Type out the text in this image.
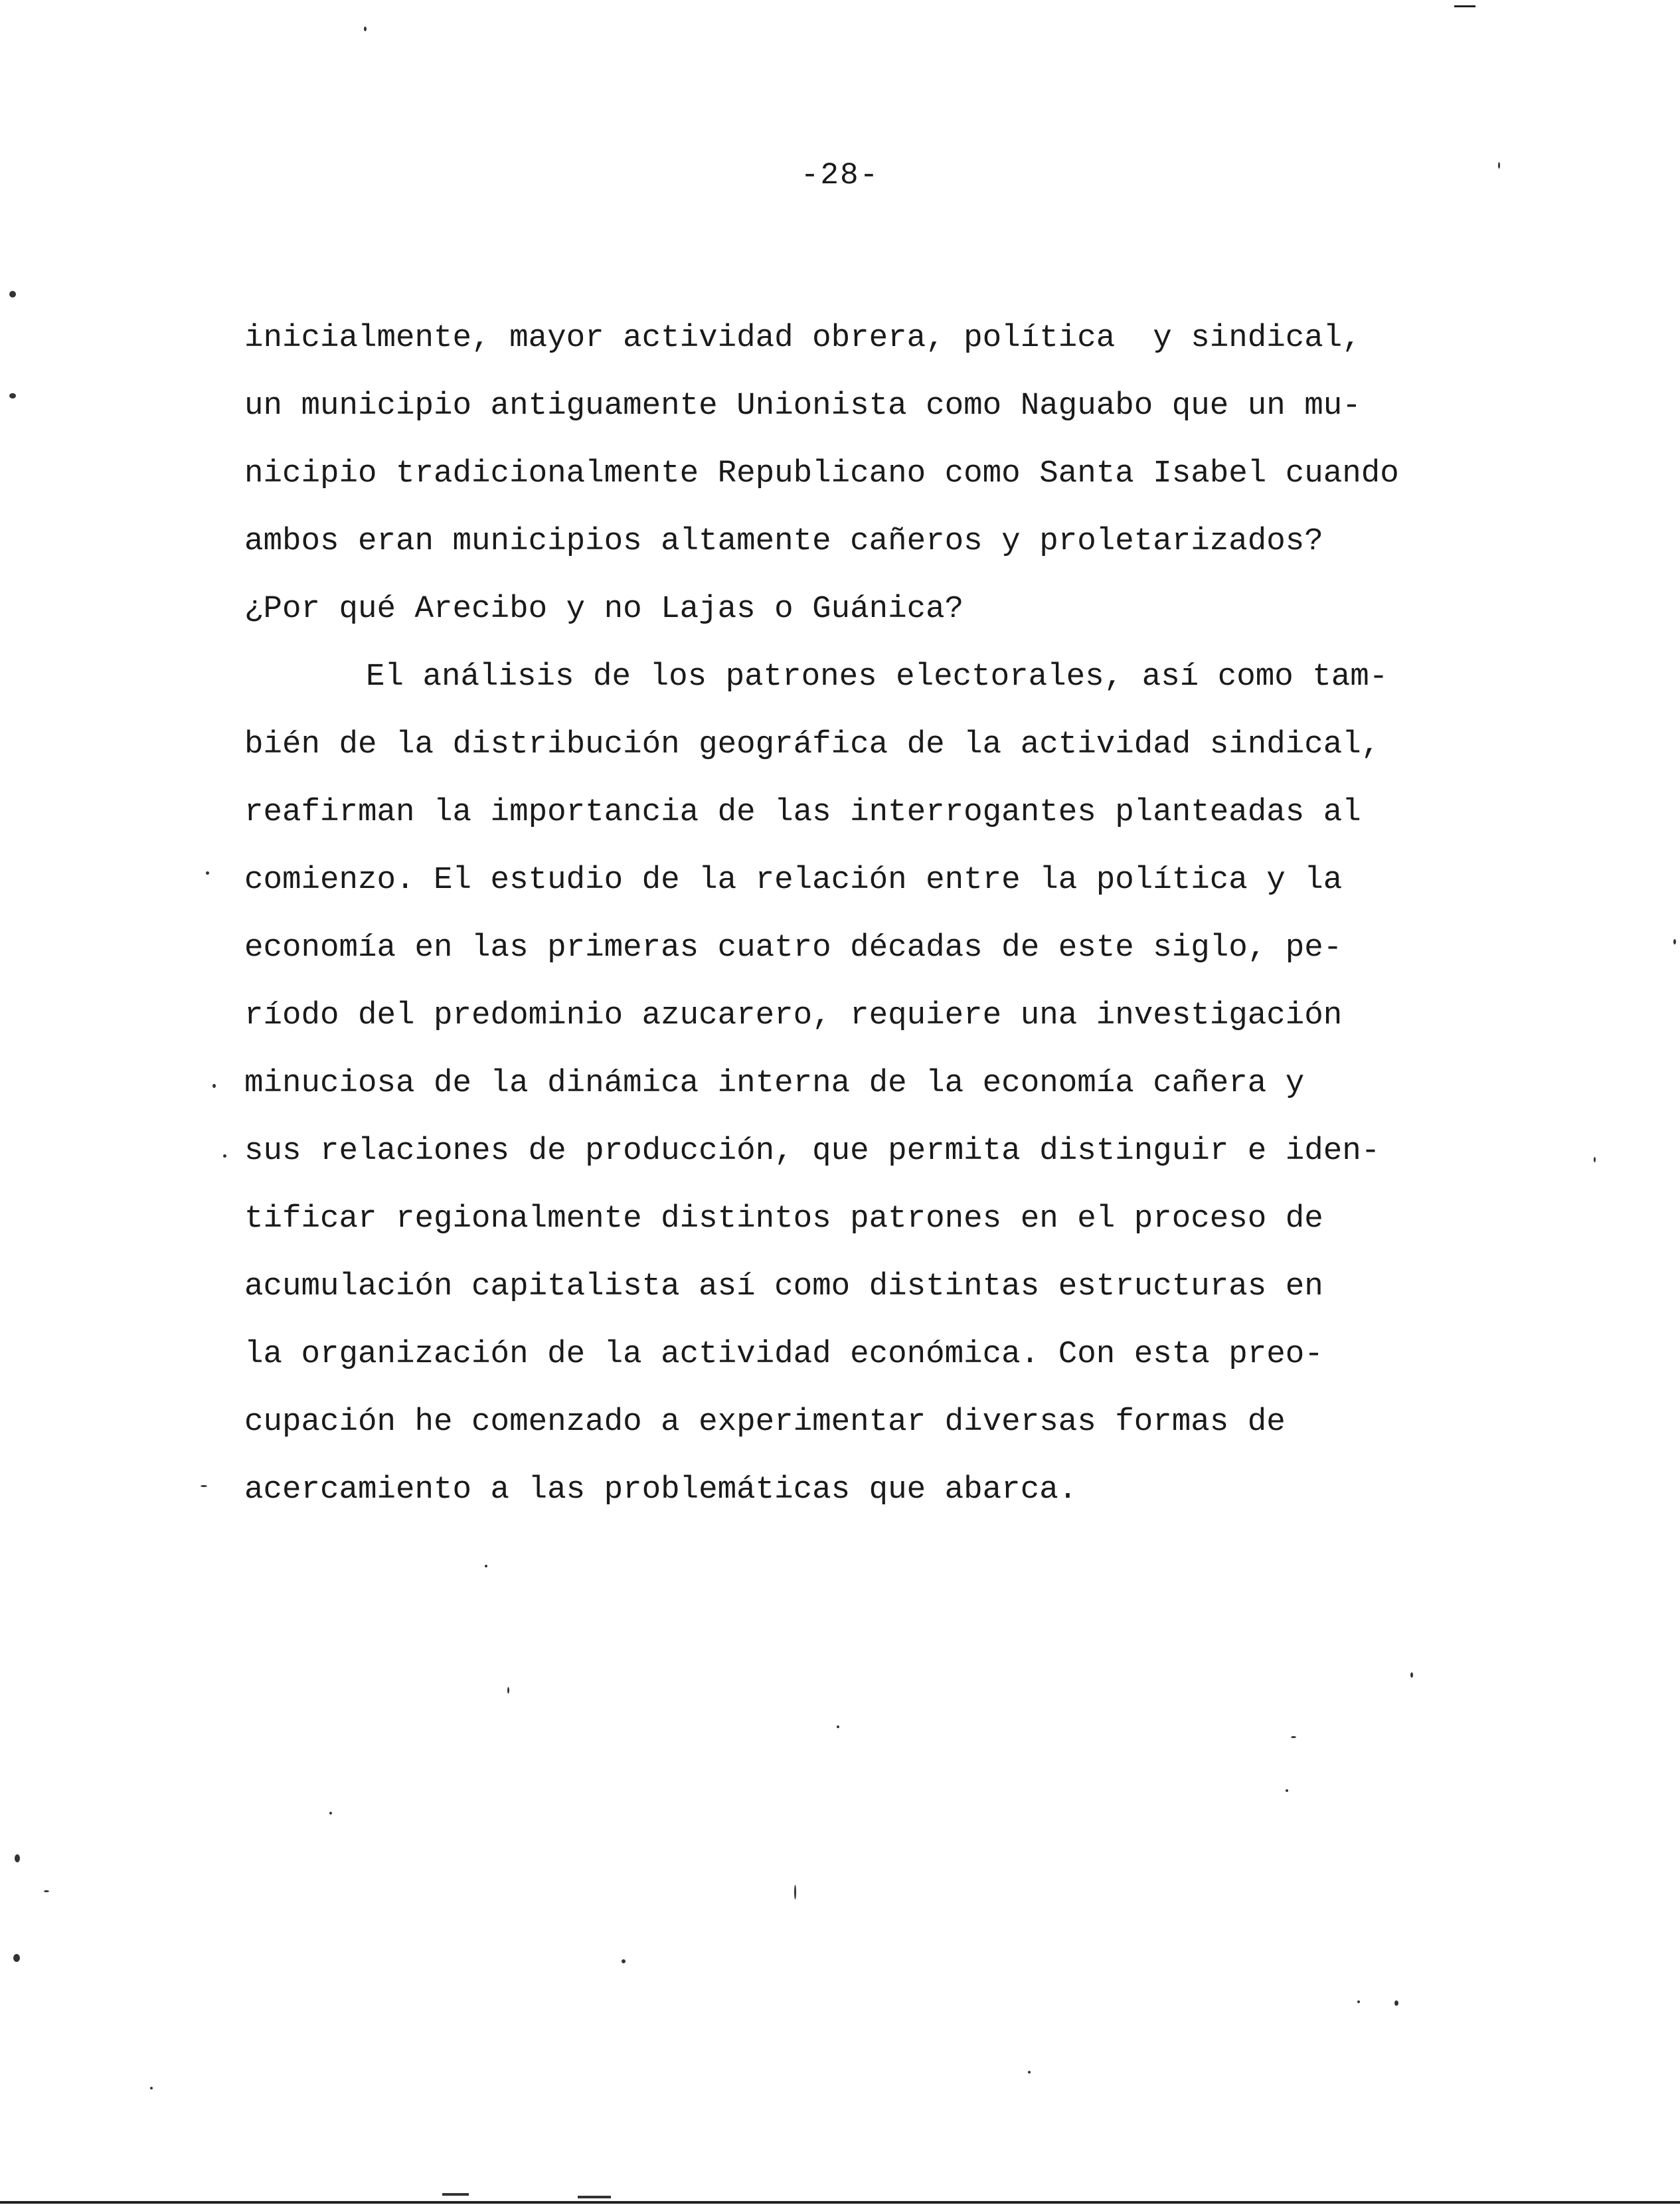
-28-
inicialmente, mayor actividad obrera, política  y sindical,
un municipio antiguamente Unionista como Naguabo que un mu-
nicipio tradicionalmente Republicano como Santa Isabel cuando
ambos eran municipios altamente cañeros y proletarizados?
¿Por qué Arecibo y no Lajas o Guánica?
El análisis de los patrones electorales, así como tam-
bién de la distribución geográfica de la actividad sindical,
reafirman la importancia de las interrogantes planteadas al
comienzo. El estudio de la relación entre la política y la
economía en las primeras cuatro décadas de este siglo, pe-
ríodo del predominio azucarero, requiere una investigación
minuciosa de la dinámica interna de la economía cañera y
sus relaciones de producción, que permita distinguir e iden-
tificar regionalmente distintos patrones en el proceso de
acumulación capitalista así como distintas estructuras en
la organización de la actividad económica. Con esta preo-
cupación he comenzado a experimentar diversas formas de
acercamiento a las problemáticas que abarca.
